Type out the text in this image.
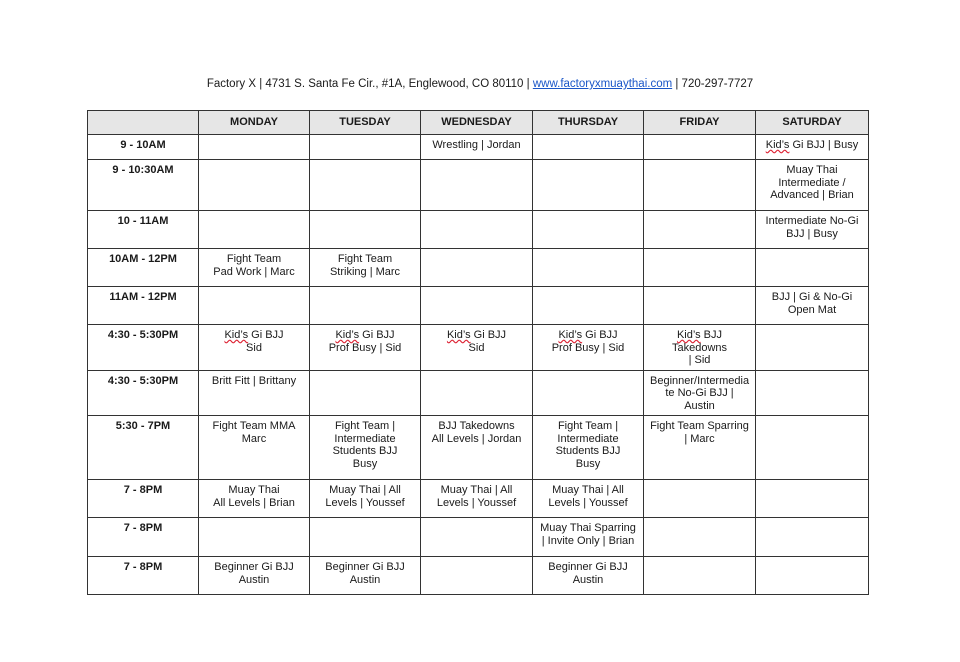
Factory X | 4731 S. Santa Fe Cir., #1A, Englewood, CO 80110 | www.factoryxmuaythai.com | 720-297-7727
	MONDAY	TUESDAY	WEDNESDAY	THURSDAY	FRIDAY	SATURDAY
9 - 10AM			Wrestling | Jordan			Kid’s Gi BJJ | Busy
9 - 10:30AM						Muay Thai
Intermediate /
Advanced | Brian
10 - 11AM						Intermediate No-Gi
BJJ | Busy
10AM - 12PM	Fight Team
Pad Work | Marc	Fight Team
Striking | Marc				
11AM - 12PM						BJJ | Gi & No-Gi
Open Mat
4:30 - 5:30PM	Kid’s Gi BJJ
Sid	Kid’s Gi BJJ
Prof Busy | Sid	Kid’s Gi BJJ
Sid	Kid’s Gi BJJ
Prof Busy | Sid	Kid’s BJJ Takedowns
| Sid	
4:30 - 5:30PM	Britt Fitt | Brittany				Beginner/Intermedia
te No-Gi BJJ | Austin	
5:30 - 7PM	Fight Team MMA
Marc	Fight Team |
Intermediate
Students BJJ
Busy	BJJ Takedowns
All Levels | Jordan	Fight Team |
Intermediate
Students BJJ
Busy	Fight Team Sparring
| Marc	
7 - 8PM	Muay Thai
All Levels | Brian	Muay Thai | All
Levels | Youssef	Muay Thai | All
Levels | Youssef	Muay Thai | All
Levels | Youssef		
7 - 8PM				Muay Thai Sparring
| Invite Only | Brian		
7 - 8PM	Beginner Gi BJJ
Austin	Beginner Gi BJJ
Austin		Beginner Gi BJJ
Austin		
